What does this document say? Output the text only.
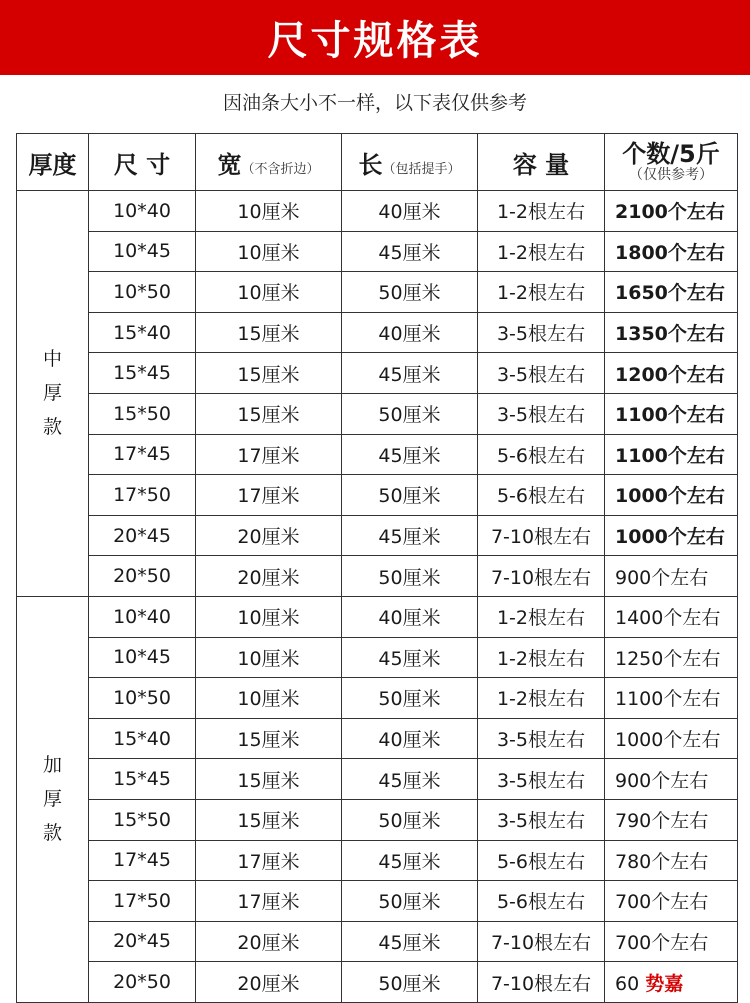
尺寸规格表
因油条大小不一样，以下表仅供参考
厚度	尺 寸	宽（不含折边）	长（包括提手）	容 量	个数/5斤
（仅供参考）

中
厚
款	10*40	10厘米	40厘米	1-2根左右	2100个左右
	10*45	10厘米	45厘米	1-2根左右	1800个左右
	10*50	10厘米	50厘米	1-2根左右	1650个左右
	15*40	15厘米	40厘米	3-5根左右	1350个左右
	15*45	15厘米	45厘米	3-5根左右	1200个左右
	15*50	15厘米	50厘米	3-5根左右	1100个左右
	17*45	17厘米	45厘米	5-6根左右	1100个左右
	17*50	17厘米	50厘米	5-6根左右	1000个左右
	20*45	20厘米	45厘米	7-10根左右	1000个左右
	20*50	20厘米	50厘米	7-10根左右	900个左右

加
厚
款	10*40	10厘米	40厘米	1-2根左右	1400个左右
	10*45	10厘米	45厘米	1-2根左右	1250个左右
	10*50	10厘米	50厘米	1-2根左右	1100个左右
	15*40	15厘米	40厘米	3-5根左右	1000个左右
	15*45	15厘米	45厘米	3-5根左右	900个左右
	15*50	15厘米	50厘米	3-5根左右	790个左右
	17*45	17厘米	45厘米	5-6根左右	780个左右
	17*50	17厘米	50厘米	5-6根左右	700个左右
	20*45	20厘米	45厘米	7-10根左右	700个左右
	20*50	20厘米	50厘米	7-10根左右	60 势嘉
